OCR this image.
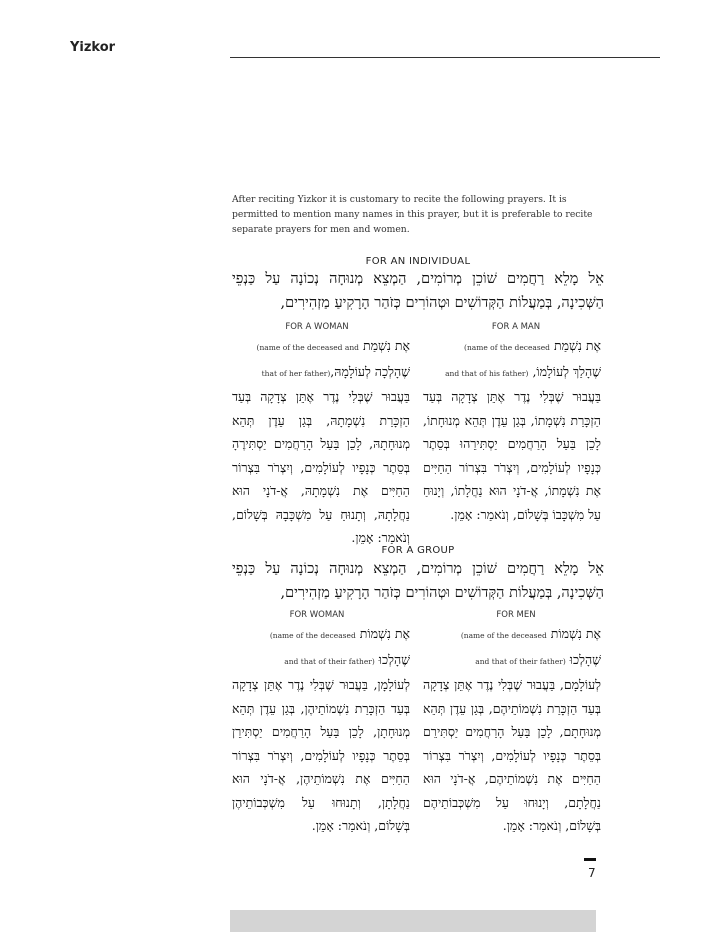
Yizkor
After reciting Yizkor it is customary to recite the following prayers. It is permitted to mention many names in this prayer, but it is preferable to recite separate prayers for men and women.
FOR AN INDIVIDUAL
אֵל מָלֵא רַחֲמִים שׁוֹכֵן מְרוֹמִים, הַמְצֵא מְנוּחָה נְכוֹנָה עַל כַּנְפֵי הַשְּׁכִינָה, בְּמַעֲלוֹת הַקְּדוֹשִׁים וּטְהוֹרִים כְּזֹהַר הָרָקִיעַ מַזְהִירִים,
FOR A MAN
FOR A WOMAN
אֶת נִשְׁמַת (name of the deceased
שֶׁהָלַךְ לְעוֹלָמוֹ, and that of his father)
בַּעֲבוּר שֶׁבְּלִי נֶדֶר אֶתֵּן צְדָקָה בְּעַד הַזְכָּרַת נִשְׁמָתוֹ, בְּגַן עֵדֶן תְּהֵא מְנוּחָתוֹ, לָכֵן בַּעַל הָרַחֲמִים יַסְתִּירֵהוּ בְּסֵתֶר כְּנָפָיו לְעוֹלָמִים, וְיִצְרֹר בִּצְרוֹר הַחַיִּים אֶת נִשְׁמָתוֹ, אֲ-דֹנָי הוּא נַחֲלָתוֹ, וְיָנוּחַ עַל מִשְׁכָּבוֹ בְּשָׁלוֹם, וְנֹאמַר: אָמֵן.
אֶת נִשְׁמַת (name of the deceased and
שֶׁהָלְכָה לְעוֹלָמָהּ,that of her father)
בַּעֲבוּר שֶׁבְּלִי נֶדֶר אֶתֵּן צְדָקָה בְּעַד הַזְכָּרַת נִשְׁמָתָהּ, בְּגַן עֵדֶן תְּהֵא מְנוּחָתָהּ, לָכֵן בַּעַל הָרַחֲמִים יַסְתִּירֶהָ בְּסֵתֶר כְּנָפָיו לְעוֹלָמִים, וְיִצְרֹר בִּצְרוֹר הַחַיִּים אֶת נִשְׁמָתָהּ, אֲ-דֹנָי הוּא נַחֲלָתָהּ, וְתָנוּחַ עַל מִשְׁכָּבָהּ בְּשָׁלוֹם, וְנֹאמַר: אָמֵן.
FOR A GROUP
אֵל מָלֵא רַחֲמִים שׁוֹכֵן מְרוֹמִים, הַמְצֵא מְנוּחָה נְכוֹנָה עַל כַּנְפֵי הַשְּׁכִינָה, בְּמַעֲלוֹת הַקְּדוֹשִׁים וּטְהוֹרִים כְּזֹהַר הָרָקִיעַ מַזְהִירִים,
FOR MEN
FOR WOMAN
אֶת נִשְׁמוֹת (name of the deceased
שֶׁהָלְכוּ and that of their father)
לְעוֹלָמָם, בַּעֲבוּר שֶׁבְּלִי נֶדֶר אֶתֵּן צְדָקָה בְּעַד הַזְכָּרַת נִשְׁמוֹתֵיהֶם, בְּגַן עֵדֶן תְּהֵא מְנוּחָתָם, לָכֵן בַּעַל הָרַחֲמִים יַסְתִּירֵם בְּסֵתֶר כְּנָפָיו לְעוֹלָמִים, וְיִצְרֹר בִּצְרוֹר הַחַיִּים אֶת נִשְׁמוֹתֵיהֶם, אֲ-דֹנָי הוּא נַחֲלָתָם, וְיָנוּחוּ עַל מִשְׁכְּבוֹתֵיהֶם בְּשָׁלוֹם, וְנֹאמַר: אָמֵן.
אֶת נִשְׁמוֹת (name of the deceased
שֶׁהָלְכוּ and that of their father)
לְעוֹלָמָן, בַּעֲבוּר שֶׁבְּלִי נֶדֶר אֶתֵּן צְדָקָה בְּעַד הַזְכָּרַת נִשְׁמוֹתֵיהֶן, בְּגַן עֵדֶן תְּהֵא מְנוּחָתָן, לָכֵן בַּעַל הָרַחֲמִים יַסְתִּירֵן בְּסֵתֶר כְּנָפָיו לְעוֹלָמִים, וְיִצְרֹר בִּצְרוֹר הַחַיִּים אֶת נִשְׁמוֹתֵיהֶן, אֲ-דֹנָי הוּא נַחֲלָתָן, וְתָנוּחוּ עַל מִשְׁכְּבוֹתֵיהֶן בְּשָׁלוֹם, וְנֹאמַר: אָמֵן.
7
